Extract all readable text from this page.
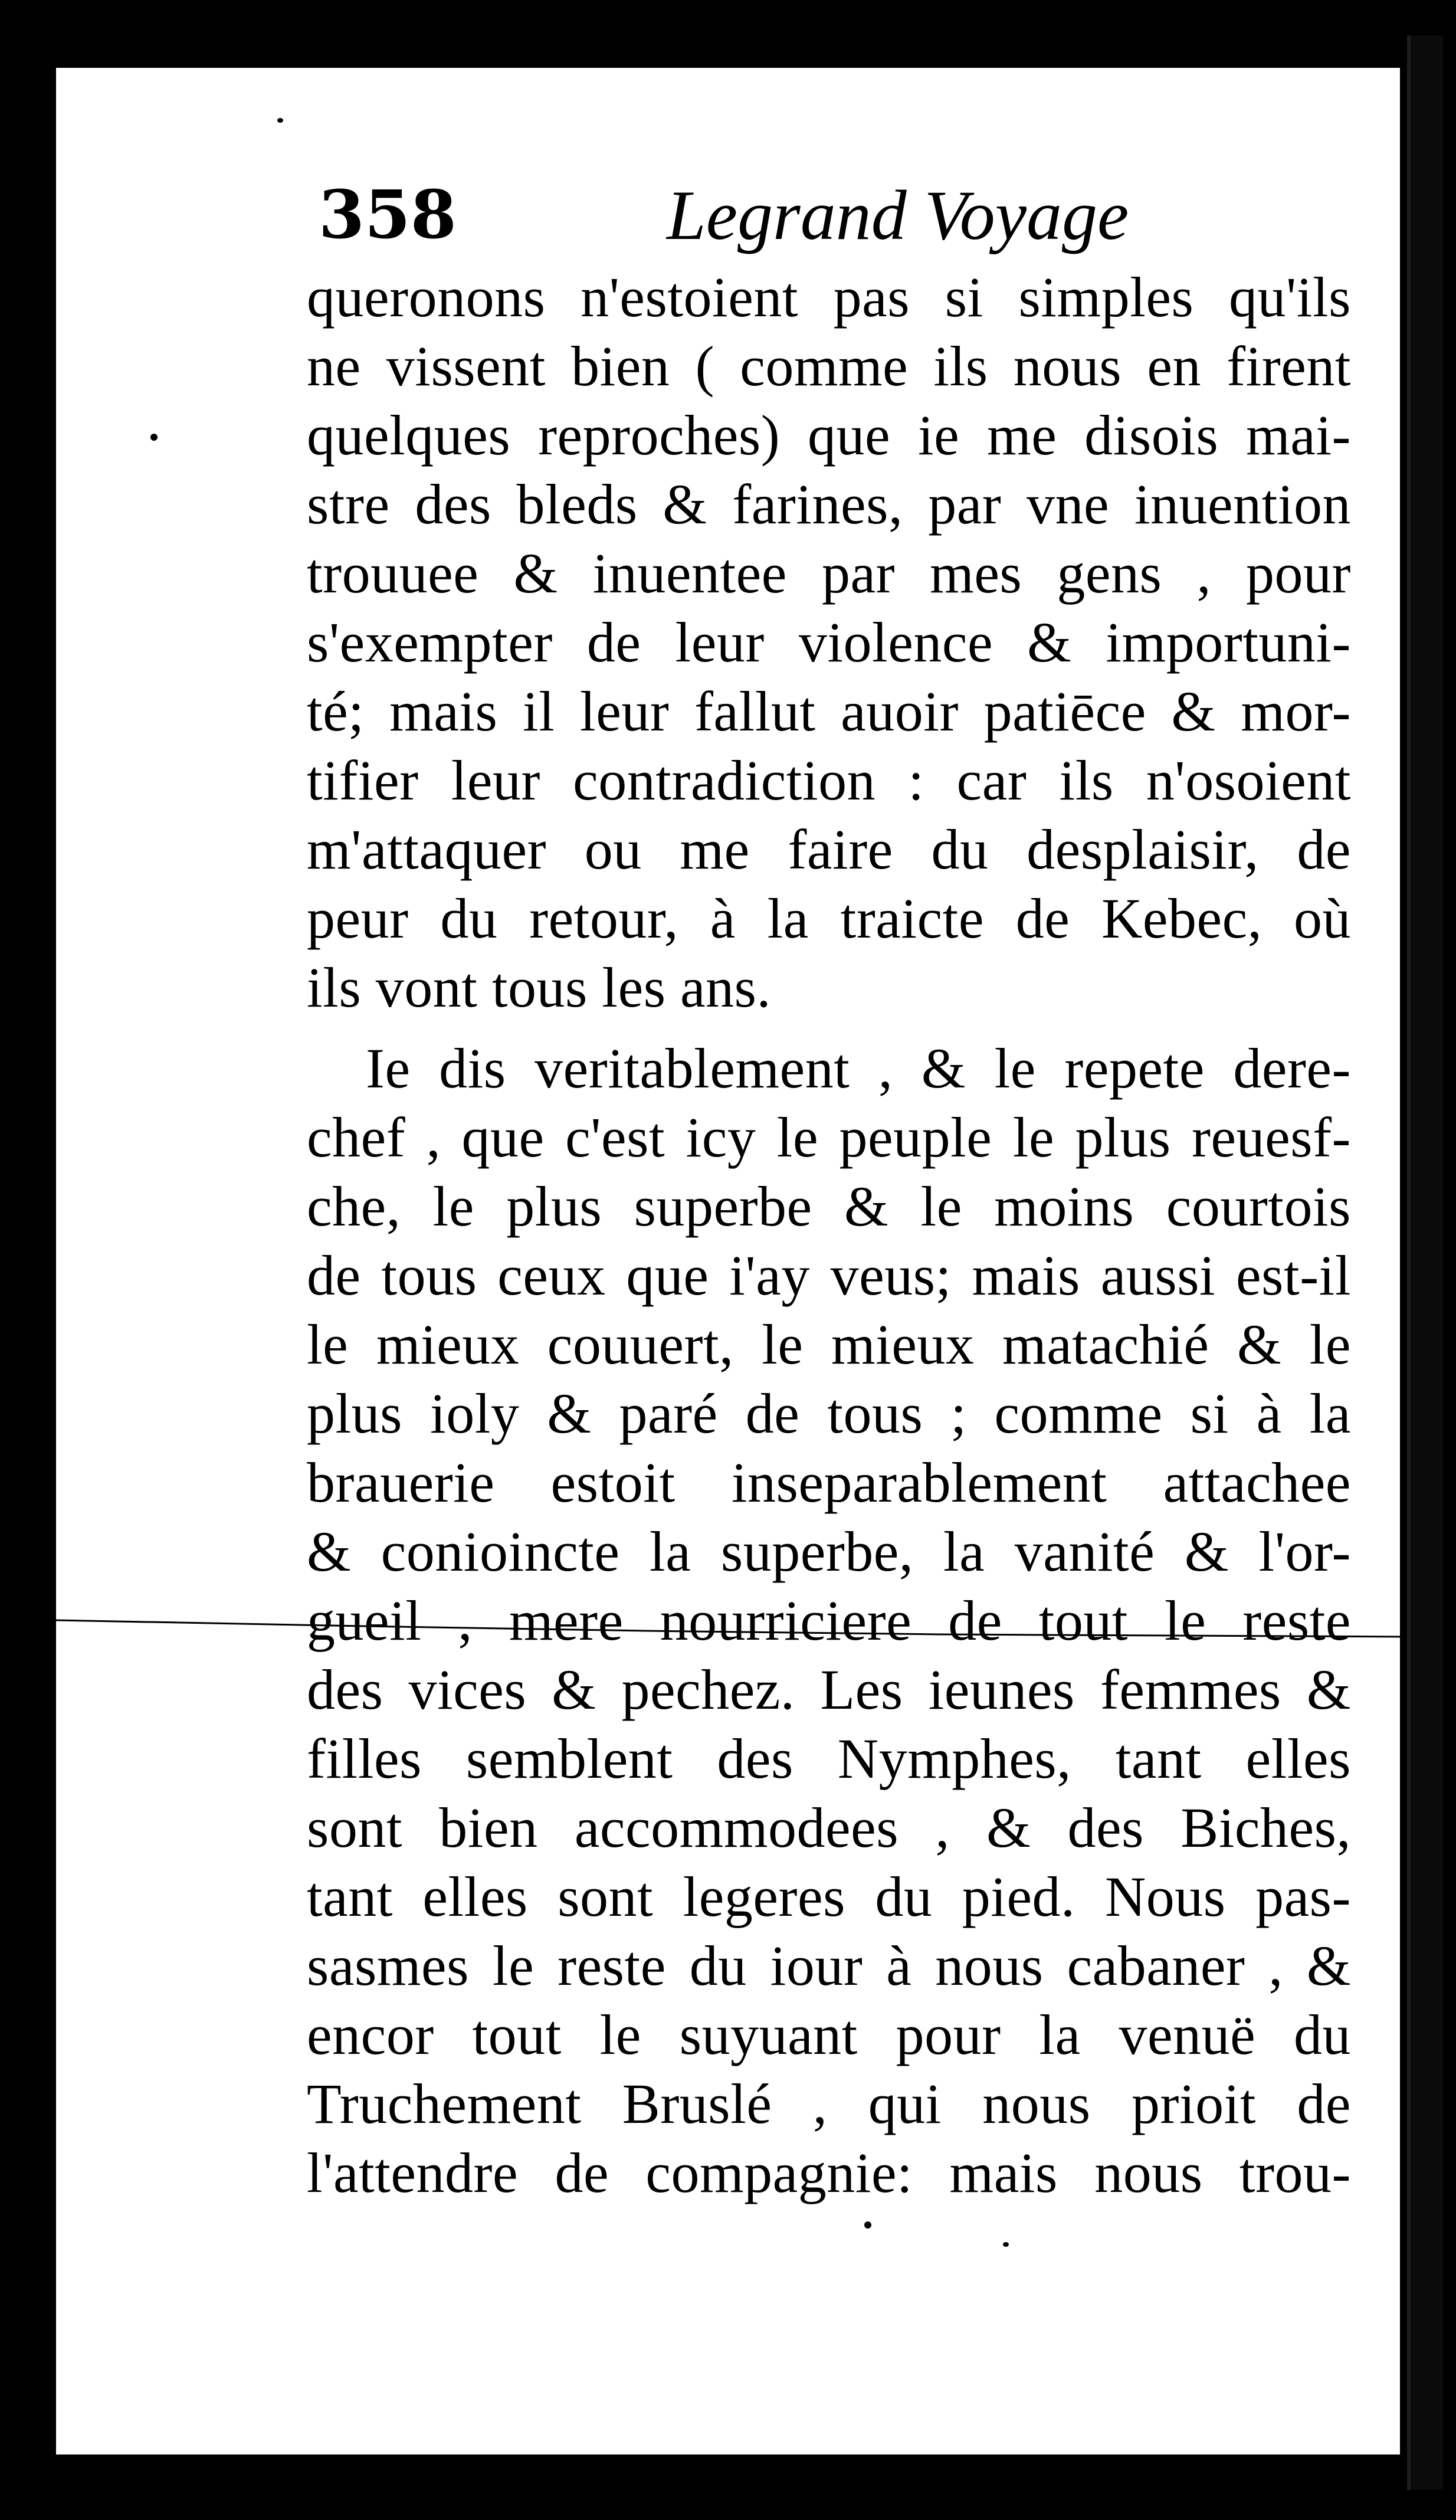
358	Legrand Voyage
queronons n'estoient pas si simples qu'ils
ne vissent bien ( comme ils nous en firent
quelques reproches) que ie me disois mai-
stre des bleds & farines, par vne inuention
trouuee & inuentee par mes gens , pour
s'exempter de leur violence & importuni-
té; mais il leur fallut auoir patiēce & mor-
tifier leur contradiction : car ils n'osoient
m'attaquer ou me faire du desplaisir, de
peur du retour, à la traicte de Kebec, où
ils vont tous les ans.
Ie dis veritablement , & le repete dere-
chef , que c'est icy le peuple le plus reuesf-
che, le plus superbe & le moins courtois
de tous ceux que i'ay veus; mais aussi est-il
le mieux couuert, le mieux matachié & le
plus ioly & paré de tous ; comme si à la
brauerie estoit inseparablement attachee
& conioincte la superbe, la vanité & l'or-
gueil , mere nourriciere de tout le reste
des vices & pechez. Les ieunes femmes &
filles semblent des Nymphes, tant elles
sont bien accommodees , & des Biches,
tant elles sont legeres du pied. Nous pas-
sasmes le reste du iour à nous cabaner , &
encor tout le suyuant pour la venuë du
Truchement Bruslé , qui nous prioit de
l'attendre de compagnie: mais nous trou-
